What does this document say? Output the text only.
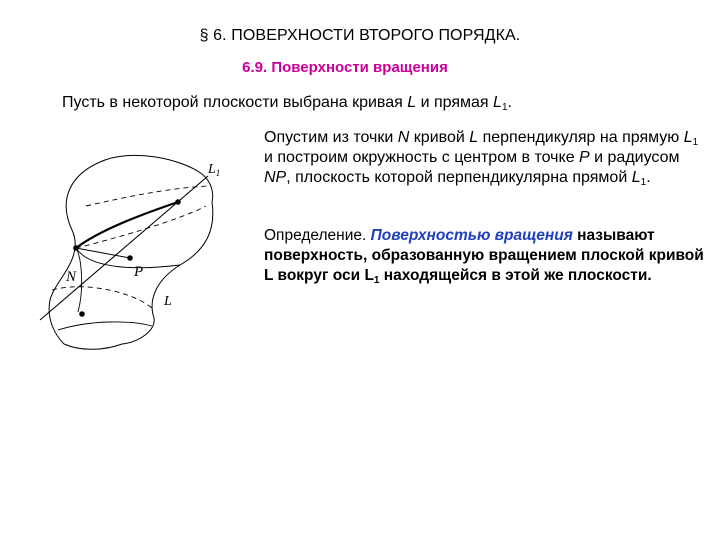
§ 6. ПОВЕРХНОСТИ ВТОРОГО ПОРЯДКА.
6.9. Поверхности вращения
Пусть в некоторой плоскости выбрана кривая L и прямая $L_1$.
Опустим из точки N кривой L перпендикуляр на прямую $L_1$ и построим окружность с центром в точке P и радиусом NP, плоскость которой перпендикулярна прямой $L_1$.
Определение. Поверхностью вращения называют поверхность, образованную вращением плоской кривой L вокруг оси $L_1$ находящейся в этой же плоскости.
$L_1$
N	P
L
